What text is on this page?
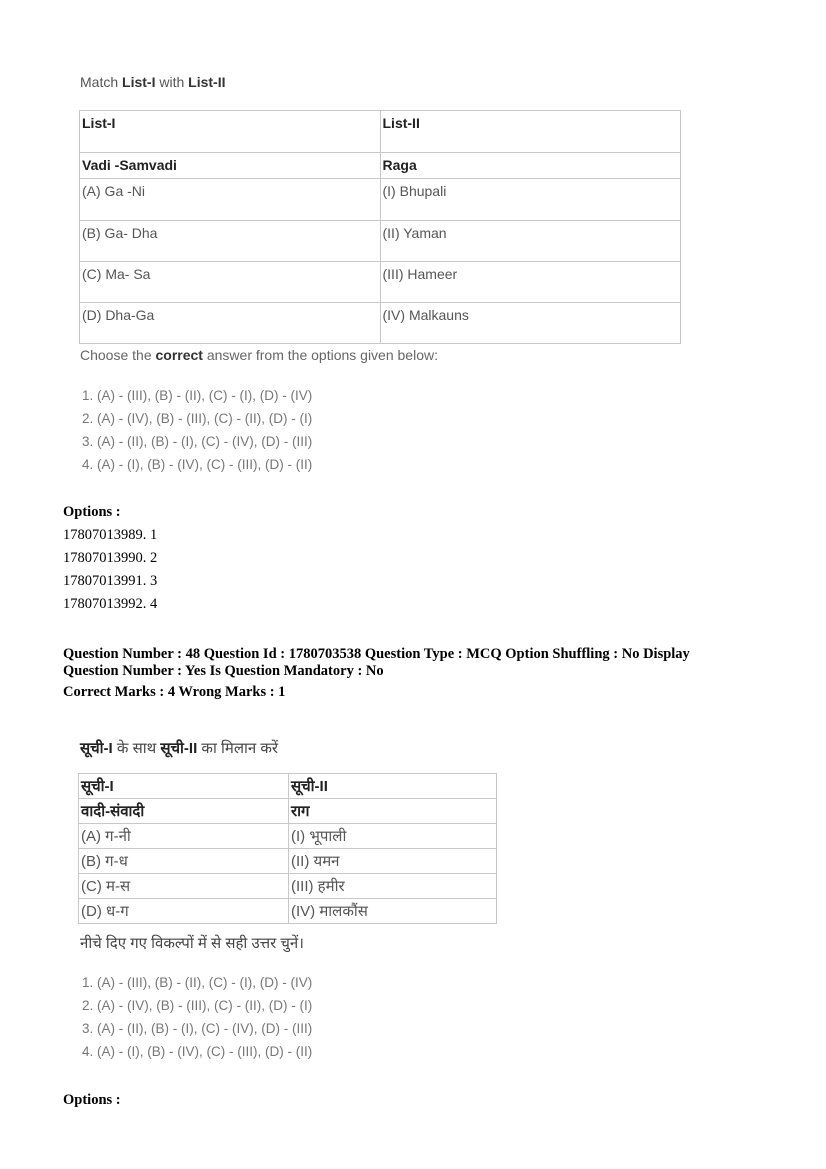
Match List-I with List-II
List-I	List-II
Vadi -Samvadi	Raga
(A) Ga -Ni	(I) Bhupali
(B) Ga- Dha	(II) Yaman
(C) Ma- Sa	(III) Hameer
(D) Dha-Ga	(IV) Malkauns
Choose the correct answer from the options given below:
1. (A) - (III), (B) - (II), (C) - (I), (D) - (IV)
2. (A) - (IV), (B) - (III), (C) - (II), (D) - (I)
3. (A) - (II), (B) - (I), (C) - (IV), (D) - (III)
4. (A) - (I), (B) - (IV), (C) - (III), (D) - (II)
Options :
17807013989. 1
17807013990. 2
17807013991. 3
17807013992. 4
Question Number : 48 Question Id : 1780703538 Question Type : MCQ Option Shuffling : No Display
Question Number : Yes Is Question Mandatory : No
Correct Marks : 4 Wrong Marks : 1
सूची-I के साथ सूची-II का मिलान करें
सूची-I	सूची-II
वादी-संवादी	राग
(A) ग-नी	(I) भूपाली
(B) ग-ध	(II) यमन
(C) म-स	(III) हमीर
(D) ध-ग	(IV) मालकौंस
नीचे दिए गए विकल्पों में से सही उत्तर चुनें।
1. (A) - (III), (B) - (II), (C) - (I), (D) - (IV)
2. (A) - (IV), (B) - (III), (C) - (II), (D) - (I)
3. (A) - (II), (B) - (I), (C) - (IV), (D) - (III)
4. (A) - (I), (B) - (IV), (C) - (III), (D) - (II)
Options :
